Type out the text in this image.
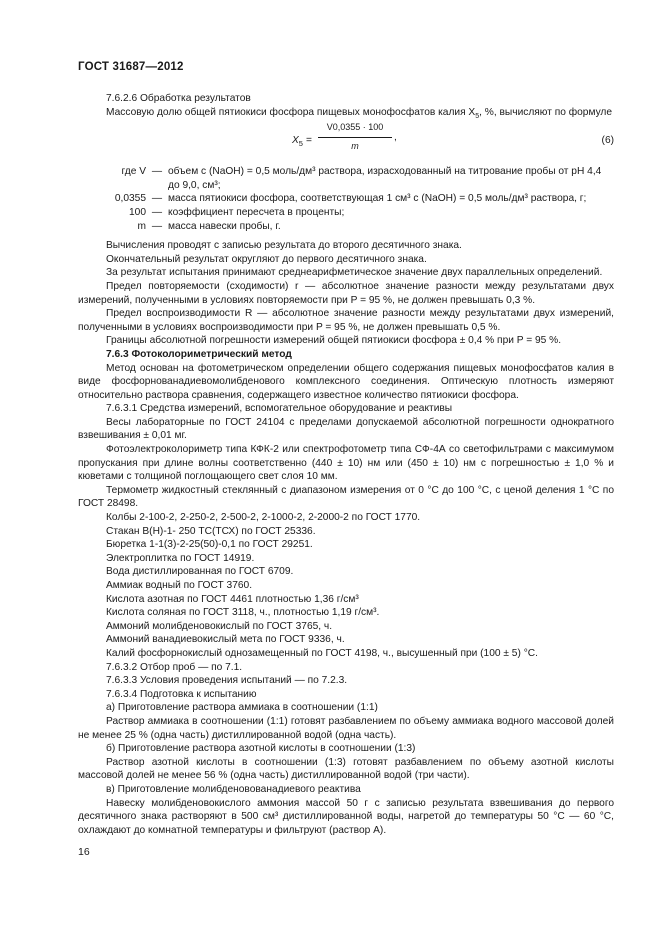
ГОСТ 31687—2012

7.6.2.6 Обработка результатов

Массовую долю общей пятиокиси фосфора пищевых монофосфатов калия $X_5$, %, вычисляют по формуле

$X_5$ =
V0,0355 · 100
m
,	(6)
где V — объем c (NaOH) = 0,5 моль/дм³ раствора, израсходованный на титрование пробы от pH 4,4
до 9,0, см³;
0,0355 — масса пятиокиси фосфора, соответствующая 1 см³ c (NaOH) = 0,5 моль/дм³ раствора, г;
100 — коэффициент пересчета в проценты;
m — масса навески пробы, г.

Вычисления проводят с записью результата до второго десятичного знака.

Окончательный результат округляют до первого десятичного знака.

За результат испытания принимают среднеарифметическое значение двух параллельных определений.

Предел повторяемости (сходимости) r — абсолютное значение разности между результатами двух измерений, полученными в условиях повторяемости при P = 95 %, не должен превышать 0,3 %.

Предел воспроизводимости R — абсолютное значение разности между результатами двух измерений, полученными в условиях воспроизводимости при P = 95 %, не должен превышать 0,5 %.

Границы абсолютной погрешности измерений общей пятиокиси фосфора ± 0,4 % при P = 95 %.

7.6.3 Фотоколориметрический метод

Метод основан на фотометрическом определении общего содержания пищевых монофосфатов калия в виде фосфорнованадиевомолибденового комплексного соединения. Оптическую плотность измеряют относительно раствора сравнения, содержащего известное количество пятиокиси фосфора.

7.6.3.1 Средства измерений, вспомогательное оборудование и реактивы

Весы лабораторные по ГОСТ 24104 с пределами допускаемой абсолютной погрешности однократного взвешивания ± 0,01 мг.

Фотоэлектроколориметр типа КФК-2 или спектрофотометр типа СФ-4А со светофильтрами с максимумом пропускания при длине волны соответственно (440 ± 10) нм или (450 ± 10) нм с погрешностью ± 1,0 % и кюветами с толщиной поглощающего свет слоя 10 мм.

Термометр жидкостный стеклянный с диапазоном измерения от 0 °С до 100 °С, с ценой деления 1 °С по ГОСТ 28498.

Колбы 2-100-2, 2-250-2, 2-500-2, 2-1000-2, 2-2000-2 по ГОСТ 1770.

Стакан В(Н)-1- 250 ТС(ТСХ) по ГОСТ 25336.

Бюретка 1-1(3)-2-25(50)-0,1 по ГОСТ 29251.

Электроплитка по ГОСТ 14919.

Вода дистиллированная по ГОСТ 6709.

Аммиак водный по ГОСТ 3760.

Кислота азотная по ГОСТ 4461 плотностью 1,36 г/см³

Кислота соляная по ГОСТ 3118, ч., плотностью 1,19 г/см³.

Аммоний молибденовокислый по ГОСТ 3765, ч.

Аммоний ванадиевокислый мета по ГОСТ 9336, ч.

Калий фосфорнокислый однозамещенный по ГОСТ 4198, ч., высушенный при (100 ± 5) °С.

7.6.3.2 Отбор проб — по 7.1.

7.6.3.3 Условия проведения испытаний — по 7.2.3.

7.6.3.4 Подготовка к испытанию

а) Приготовление раствора аммиака в соотношении (1:1)

Раствор аммиака в соотношении (1:1) готовят разбавлением по объему аммиака водного массовой долей не менее 25 % (одна часть) дистиллированной водой (одна часть).

б) Приготовление раствора азотной кислоты в соотношении (1:3)

Раствор азотной кислоты в соотношении (1:3) готовят разбавлением по объему азотной кислоты массовой долей не менее 56 % (одна часть) дистиллированной водой (три части).

в) Приготовление молибденовованадиевого реактива

Навеску молибденовокислого аммония массой 50 г с записью результата взвешивания до первого десятичного знака растворяют в 500 см³ дистиллированной воды, нагретой до температуры 50 °С — 60 °С, охлаждают до комнатной температуры и фильтруют (раствор А).

16
